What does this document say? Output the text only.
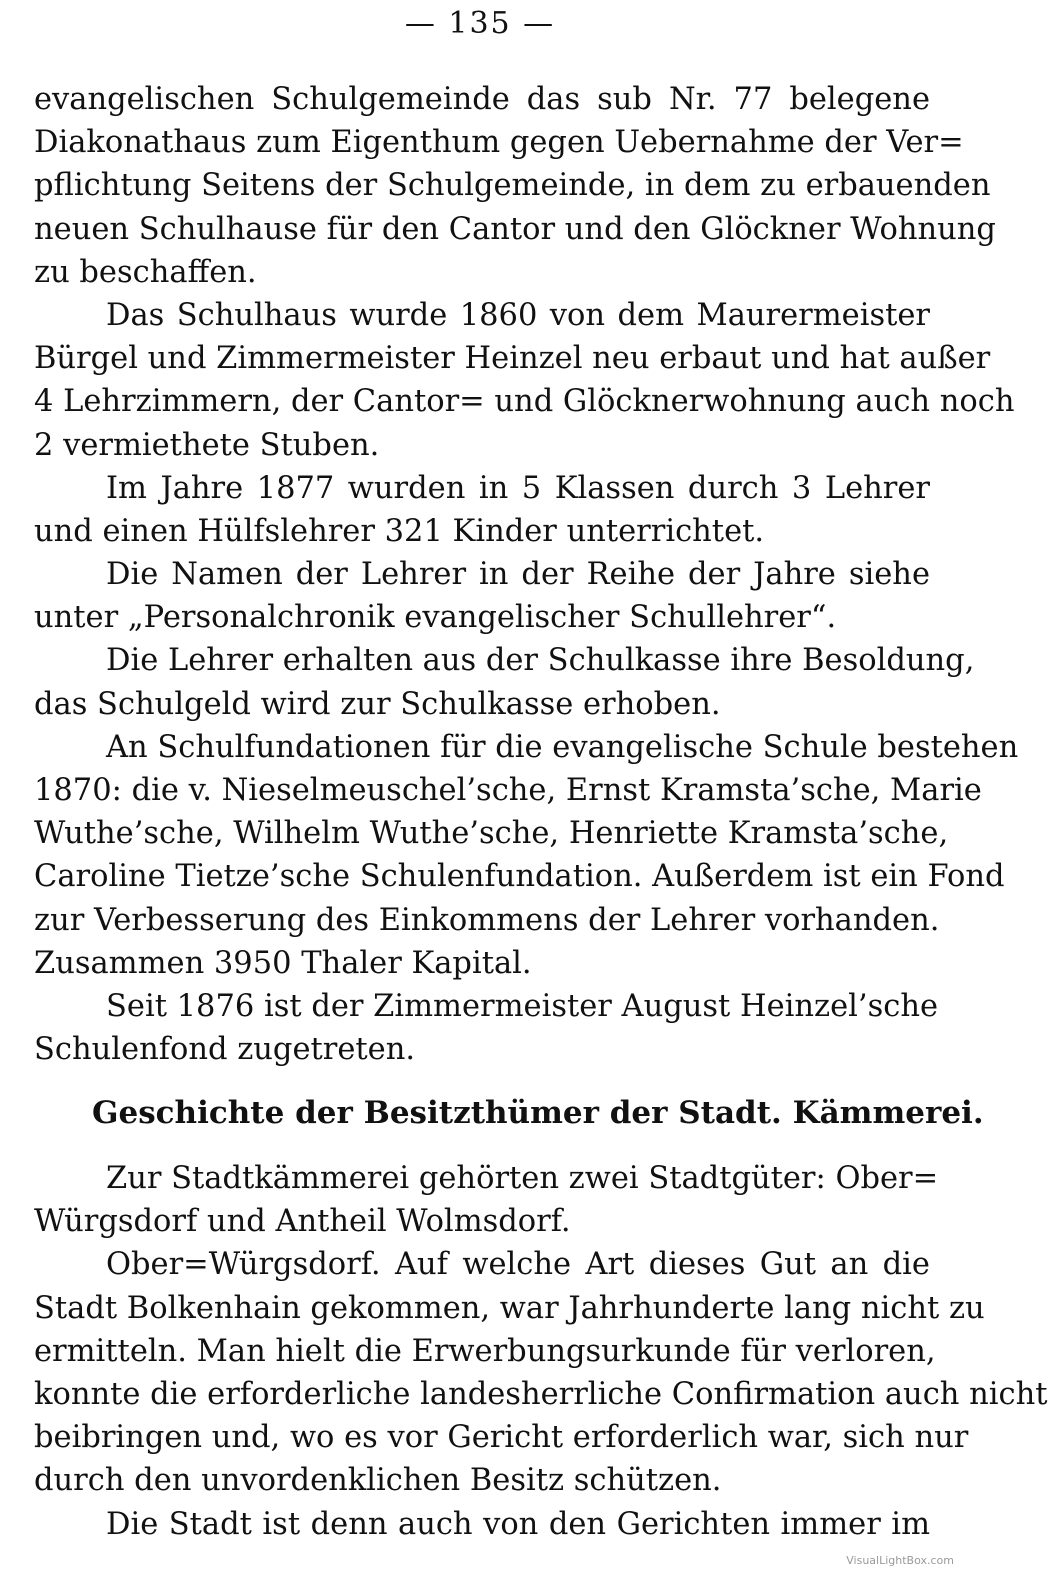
— 135 —
evangelischen Schulgemeinde das sub Nr. 77 belegene
Diakonathaus zum Eigenthum gegen Uebernahme der Ver=
pflichtung Seitens der Schulgemeinde, in dem zu erbauenden
neuen Schulhause für den Cantor und den Glöckner Wohnung
zu beschaffen.
Das Schulhaus wurde 1860 von dem Maurermeister
Bürgel und Zimmermeister Heinzel neu erbaut und hat außer
4 Lehrzimmern, der Cantor= und Glöcknerwohnung auch noch
2 vermiethete Stuben.
Im Jahre 1877 wurden in 5 Klassen durch 3 Lehrer
und einen Hülfslehrer 321 Kinder unterrichtet.
Die Namen der Lehrer in der Reihe der Jahre siehe
unter „Personalchronik evangelischer Schullehrer“.
Die Lehrer erhalten aus der Schulkasse ihre Besoldung,
das Schulgeld wird zur Schulkasse erhoben.
An Schulfundationen für die evangelische Schule bestehen
1870: die v. Nieselmeuschel’sche, Ernst Kramsta’sche, Marie
Wuthe’sche, Wilhelm Wuthe’sche, Henriette Kramsta’sche,
Caroline Tietze’sche Schulenfundation. Außerdem ist ein Fond
zur Verbesserung des Einkommens der Lehrer vorhanden.
Zusammen 3950 Thaler Kapital.
Seit 1876 ist der Zimmermeister August Heinzel’sche
Schulenfond zugetreten.
Geschichte der Besitzthümer der Stadt. Kämmerei.
Zur Stadtkämmerei gehörten zwei Stadtgüter: Ober=
Würgsdorf und Antheil Wolmsdorf.
Ober=Würgsdorf. Auf welche Art dieses Gut an die
Stadt Bolkenhain gekommen, war Jahrhunderte lang nicht zu
ermitteln. Man hielt die Erwerbungsurkunde für verloren,
konnte die erforderliche landesherrliche Confirmation auch nicht
beibringen und, wo es vor Gericht erforderlich war, sich nur
durch den unvordenklichen Besitz schützen.
Die Stadt ist denn auch von den Gerichten immer im
VisualLightBox.com
